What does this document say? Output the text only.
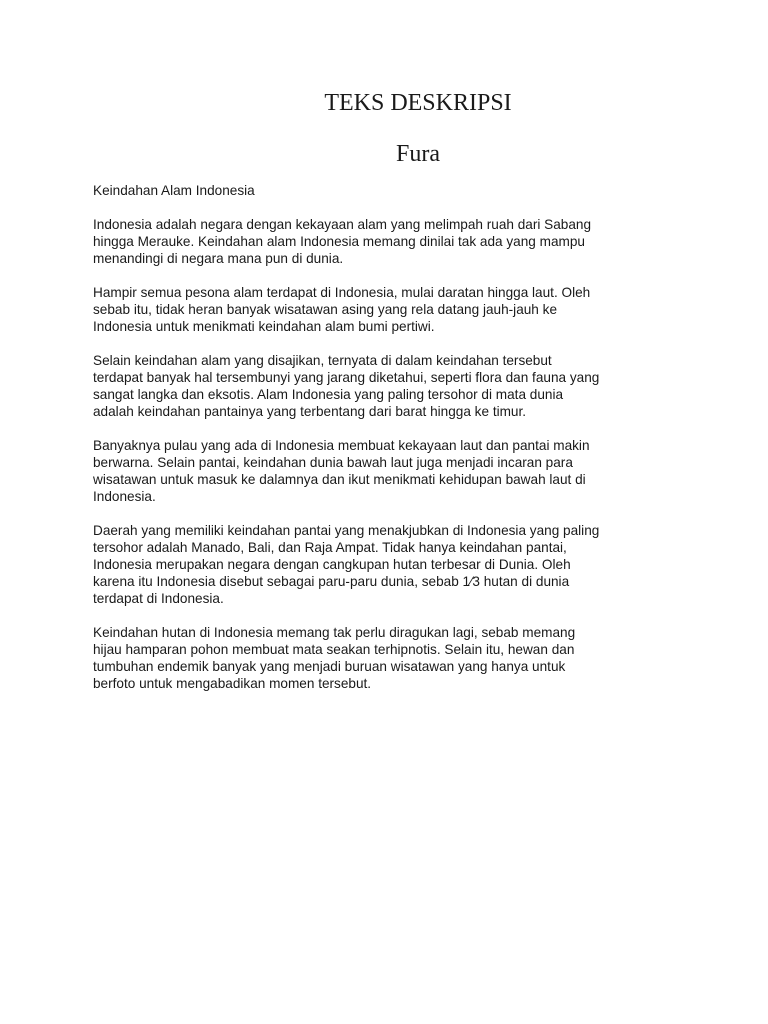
TEKS DESKRIPSI
Fura

Keindahan Alam Indonesia

Indonesia adalah negara dengan kekayaan alam yang melimpah ruah dari Sabang
hingga Merauke. Keindahan alam Indonesia memang dinilai tak ada yang mampu
menandingi di negara mana pun di dunia.

Hampir semua pesona alam terdapat di Indonesia, mulai daratan hingga laut. Oleh
sebab itu, tidak heran banyak wisatawan asing yang rela datang jauh-jauh ke
Indonesia untuk menikmati keindahan alam bumi pertiwi.

Selain keindahan alam yang disajikan, ternyata di dalam keindahan tersebut
terdapat banyak hal tersembunyi yang jarang diketahui, seperti flora dan fauna yang
sangat langka dan eksotis. Alam Indonesia yang paling tersohor di mata dunia
adalah keindahan pantainya yang terbentang dari barat hingga ke timur.

Banyaknya pulau yang ada di Indonesia membuat kekayaan laut dan pantai makin
berwarna. Selain pantai, keindahan dunia bawah laut juga menjadi incaran para
wisatawan untuk masuk ke dalamnya dan ikut menikmati kehidupan bawah laut di
Indonesia.

Daerah yang memiliki keindahan pantai yang menakjubkan di Indonesia yang paling
tersohor adalah Manado, Bali, dan Raja Ampat. Tidak hanya keindahan pantai,
Indonesia merupakan negara dengan cangkupan hutan terbesar di Dunia. Oleh
karena itu Indonesia disebut sebagai paru-paru dunia, sebab 1⁄3 hutan di dunia
terdapat di Indonesia.

Keindahan hutan di Indonesia memang tak perlu diragukan lagi, sebab memang
hijau hamparan pohon membuat mata seakan terhipnotis. Selain itu, hewan dan
tumbuhan endemik banyak yang menjadi buruan wisatawan yang hanya untuk
berfoto untuk mengabadikan momen tersebut.
